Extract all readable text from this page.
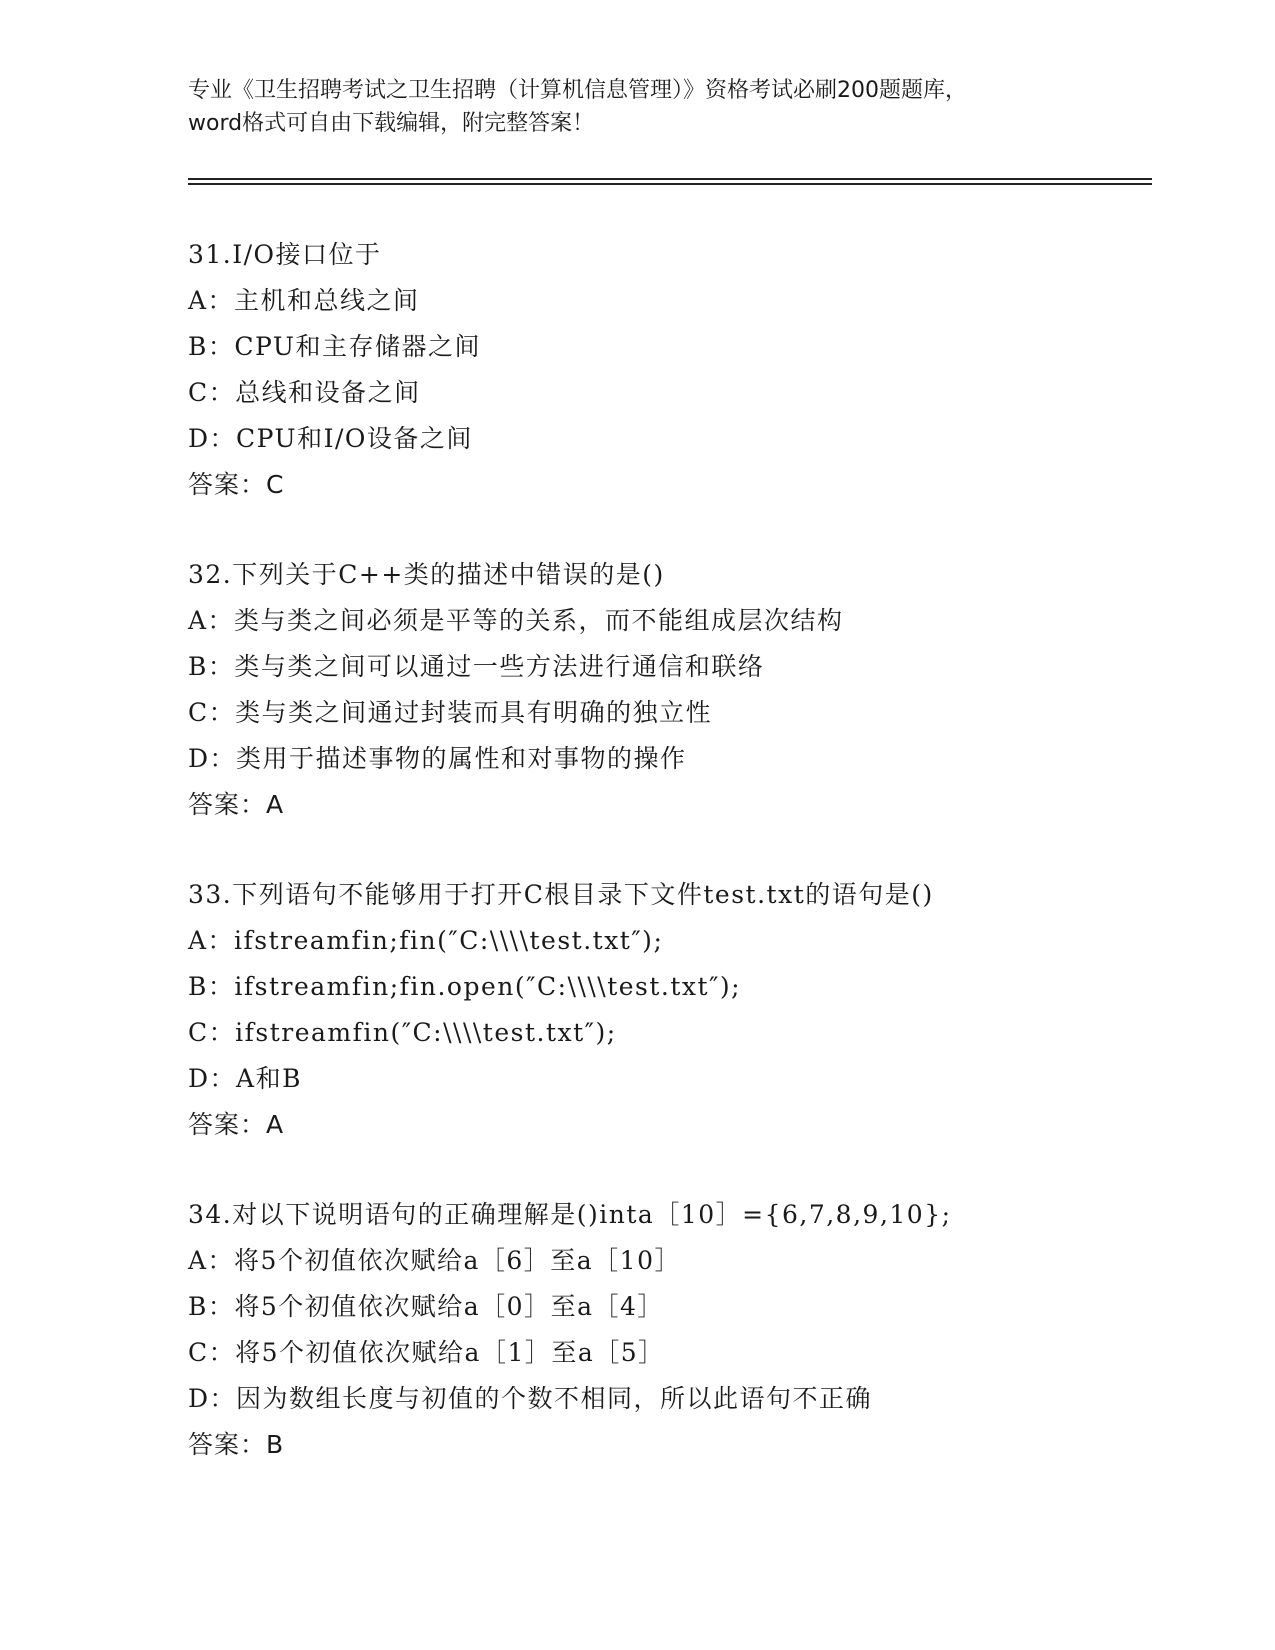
专业《卫生招聘考试之卫生招聘（计算机信息管理）》资格考试必刷200题题库，
word格式可自由下载编辑，附完整答案！
31.I/O接口位于
A：主机和总线之间
B：CPU和主存储器之间
C：总线和设备之间
D：CPU和I/O设备之间
答案：C
32.下列关于C++类的描述中错误的是()
A：类与类之间必须是平等的关系，而不能组成层次结构
B：类与类之间可以通过一些方法进行通信和联络
C：类与类之间通过封装而具有明确的独立性
D：类用于描述事物的属性和对事物的操作
答案：A
33.下列语句不能够用于打开C根目录下文件test.txt的语句是()
A：ifstreamfin;fin(″C:\\\\test.txt″);
B：ifstreamfin;fin.open(″C:\\\\test.txt″);
C：ifstreamfin(″C:\\\\test.txt″);
D：A和B
答案：A
34.对以下说明语句的正确理解是()inta［10］={6,7,8,9,10};
A：将5个初值依次赋给a［6］至a［10］
B：将5个初值依次赋给a［0］至a［4］
C：将5个初值依次赋给a［1］至a［5］
D：因为数组长度与初值的个数不相同，所以此语句不正确
答案：B
